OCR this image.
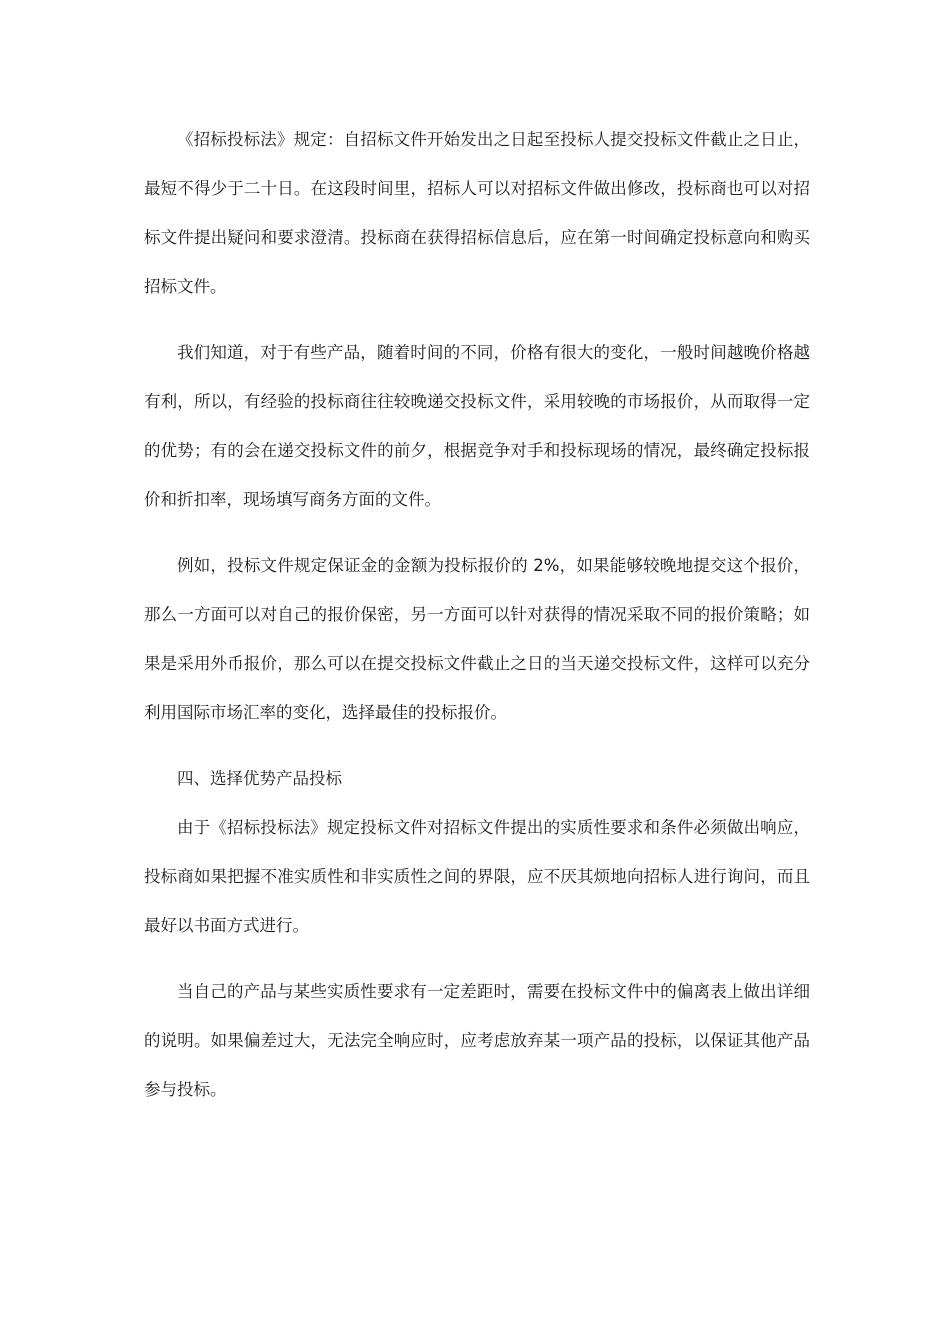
《招标投标法》规定：自招标文件开始发出之日起至投标人提交投标文件截止之日止，最短不得少于二十日。在这段时间里，招标人可以对招标文件做出修改，投标商也可以对招标文件提出疑问和要求澄清。投标商在获得招标信息后，应在第一时间确定投标意向和购买招标文件。

我们知道，对于有些产品，随着时间的不同，价格有很大的变化，一般时间越晚价格越有利，所以，有经验的投标商往往较晚递交投标文件，采用较晚的市场报价，从而取得一定的优势；有的会在递交投标文件的前夕，根据竞争对手和投标现场的情况，最终确定投标报价和折扣率，现场填写商务方面的文件。

例如，投标文件规定保证金的金额为投标报价的 2%，如果能够较晚地提交这个报价，那么一方面可以对自己的报价保密，另一方面可以针对获得的情况采取不同的报价策略；如果是采用外币报价，那么可以在提交投标文件截止之日的当天递交投标文件，这样可以充分利用国际市场汇率的变化，选择最佳的投标报价。

四、选择优势产品投标

由于《招标投标法》规定投标文件对招标文件提出的实质性要求和条件必须做出响应，投标商如果把握不准实质性和非实质性之间的界限，应不厌其烦地向招标人进行询问，而且最好以书面方式进行。

当自己的产品与某些实质性要求有一定差距时，需要在投标文件中的偏离表上做出详细的说明。如果偏差过大，无法完全响应时，应考虑放弃某一项产品的投标，以保证其他产品参与投标。
